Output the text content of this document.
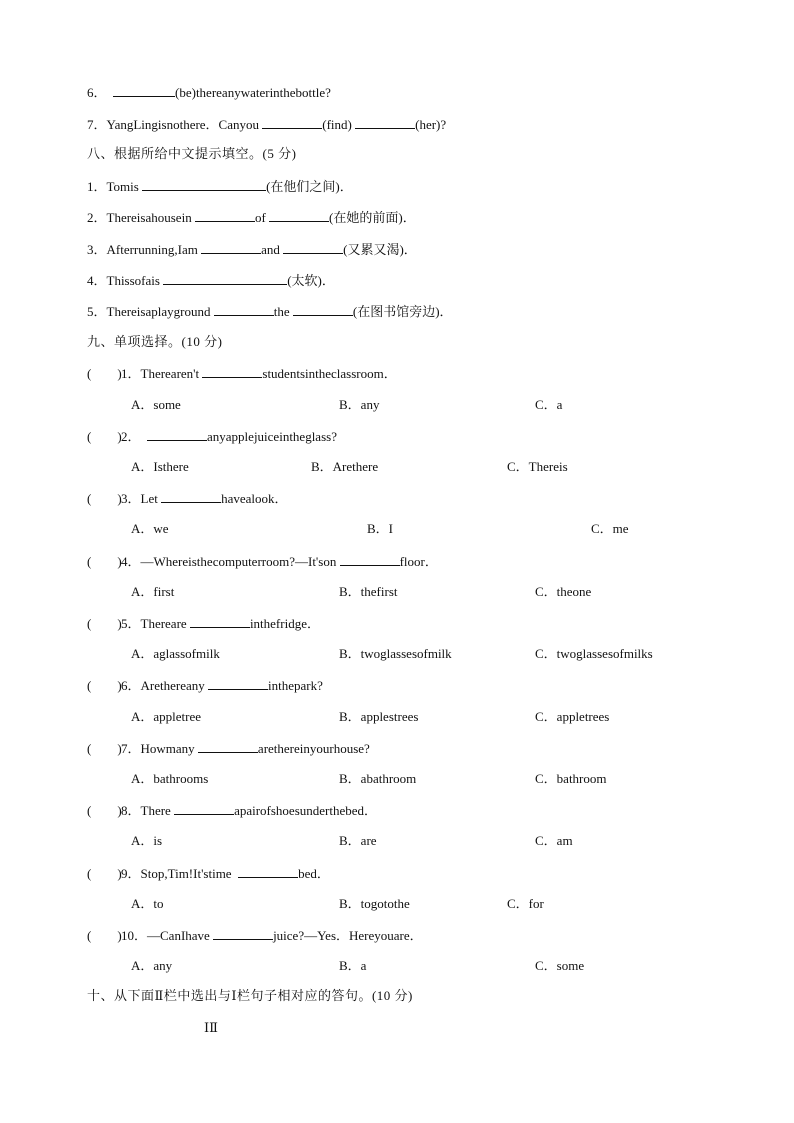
6．	(be)thereanywaterinthebottle?
7．YangLingisnothere．Canyou	(find)	(her)?
八、根据所给中文提示填空。(5 分)
1．Tomis	(在他们之间)．
2．Thereisahousein	of	(在她的前面)．
3．Afterrunning,Iam	and	(又累又渴)．
4．Thissofais	(太软)．
5．Thereisaplayground	the	(在图书馆旁边)．
九、单项选择。(10 分)
(　　)1．Therearen't	studentsintheclassroom．
A．some	B．any	C．a
(　　)2．	anyapplejuiceintheglass?
A．Isthere	B．Arethere	C．Thereis
(　　)3．Let	havealook．
A．we	B．I	C．me
(　　)4．—Whereisthecomputerroom?—It'son	floor．
A．first	B．thefirst	C．theone
(　　)5．Thereare	inthefridge．
A．aglassofmilk	B．twoglassesofmilk	C．twoglassesofmilks
(　　)6．Arethereany	inthepark?
A．appletree	B．applestrees	C．appletrees
(　　)7．Howmany	arethereinyourhouse?
A．bathrooms	B．abathroom	C．bathroom
(　　)8．There	apairofshoesunderthebed．
A．is	B．are	C．am
(　　)9．Stop,Tim!It'stime	bed．
A．to	B．togotothe	C．for
(　　)10．—CanIhave	juice?—Yes．Hereyouare．
A．any	B．a	C．some
十、从下面Ⅱ栏中选出与Ⅰ栏句子相对应的答句。(10 分)
ⅠⅡ
